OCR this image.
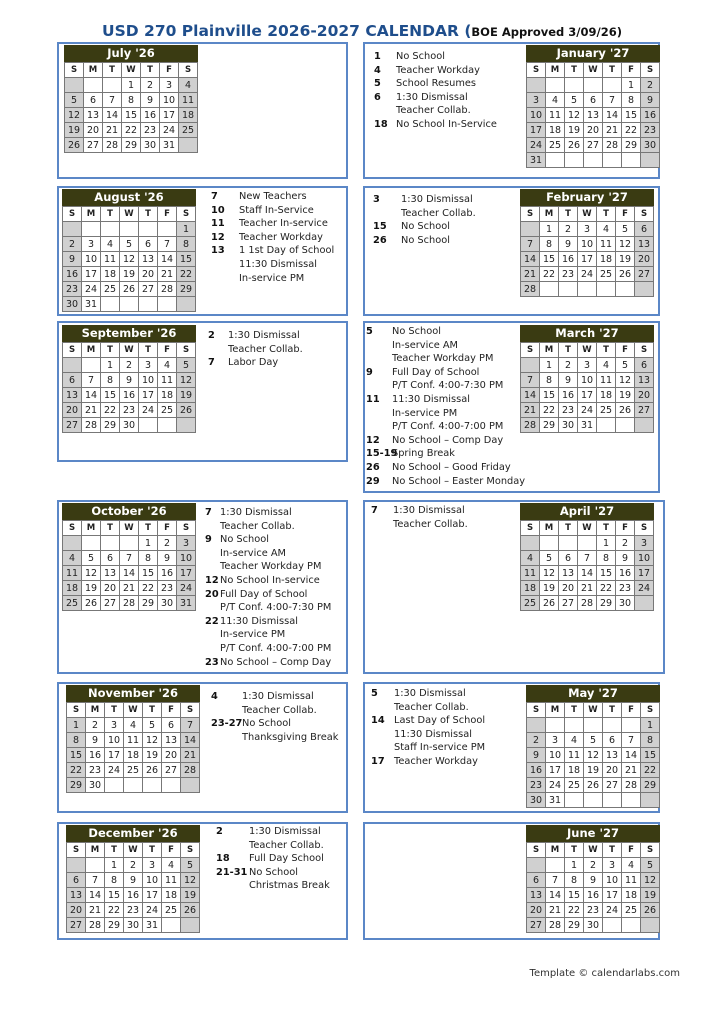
USD 270 Plainville 2026-2027 CALENDAR (BOE Approved 3/09/26)
July '26
S	M	T	W	T	F	S
			1	2	3	4
5	6	7	8	9	10	11
12	13	14	15	16	17	18
19	20	21	22	23	24	25
26	27	28	29	30	31	
August '26
S	M	T	W	T	F	S
						1
2	3	4	5	6	7	8
9	10	11	12	13	14	15
16	17	18	19	20	21	22
23	24	25	26	27	28	29
30	31					
September '26
S	M	T	W	T	F	S
		1	2	3	4	5
6	7	8	9	10	11	12
13	14	15	16	17	18	19
20	21	22	23	24	25	26
27	28	29	30			
October '26
S	M	T	W	T	F	S
				1	2	3
4	5	6	7	8	9	10
11	12	13	14	15	16	17
18	19	20	21	22	23	24
25	26	27	28	29	30	31
November '26
S	M	T	W	T	F	S
1	2	3	4	5	6	7
8	9	10	11	12	13	14
15	16	17	18	19	20	21
22	23	24	25	26	27	28
29	30					
December '26
S	M	T	W	T	F	S
		1	2	3	4	5
6	7	8	9	10	11	12
13	14	15	16	17	18	19
20	21	22	23	24	25	26
27	28	29	30	31		
January '27
S	M	T	W	T	F	S
					1	2
3	4	5	6	7	8	9
10	11	12	13	14	15	16
17	18	19	20	21	22	23
24	25	26	27	28	29	30
31						
February '27
S	M	T	W	T	F	S
	1	2	3	4	5	6
7	8	9	10	11	12	13
14	15	16	17	18	19	20
21	22	23	24	25	26	27
28						
March '27
S	M	T	W	T	F	S
	1	2	3	4	5	6
7	8	9	10	11	12	13
14	15	16	17	18	19	20
21	22	23	24	25	26	27
28	29	30	31			
April '27
S	M	T	W	T	F	S
				1	2	3
4	5	6	7	8	9	10
11	12	13	14	15	16	17
18	19	20	21	22	23	24
25	26	27	28	29	30	
May '27
S	M	T	W	T	F	S
						1
2	3	4	5	6	7	8
9	10	11	12	13	14	15
16	17	18	19	20	21	22
23	24	25	26	27	28	29
30	31					
June '27
S	M	T	W	T	F	S
		1	2	3	4	5
6	7	8	9	10	11	12
13	14	15	16	17	18	19
20	21	22	23	24	25	26
27	28	29	30			
7	New Teachers
10	Staff In-Service
11	Teacher In-service
12	Teacher Workday
13	1 1st Day of School
11:30 Dismissal
In-service PM
2	1:30 Dismissal
Teacher Collab.
7	Labor Day
7 1:30 Dismissal
Teacher Collab.
9 No School
In-service AM
Teacher Workday PM
12 No School In-service
20 Full Day of School
P/T Conf. 4:00-7:30 PM
22 11:30 Dismissal
In-service PM
P/T Conf. 4:00-7:00 PM
23 No School – Comp Day
4	1:30 Dismissal
Teacher Collab.
23-27 No School
Thanksgiving Break
2	1:30 Dismissal
Teacher Collab.
18	Full Day School
21-31 No School
Christmas Break
1	No School
4	Teacher Workday
5	School Resumes
6	1:30 Dismissal
Teacher Collab.
18 No School In-Service
3	1:30 Dismissal
Teacher Collab.
15	No School
26	No School
5	No School
In-service AM
Teacher Workday PM
9	Full Day of School
P/T Conf. 4:00-7:30 PM
11	11:30 Dismissal
In-service PM
P/T Conf. 4:00-7:00 PM
12	No School – Comp Day
15-19
Spring Break
26	No School – Good Friday
29	No School – Easter Monday
7	1:30 Dismissal
Teacher Collab.
5	1:30 Dismissal
Teacher Collab.
14 Last Day of School
11:30 Dismissal
Staff In-service PM
17 Teacher Workday
Template © calendarlabs.com
